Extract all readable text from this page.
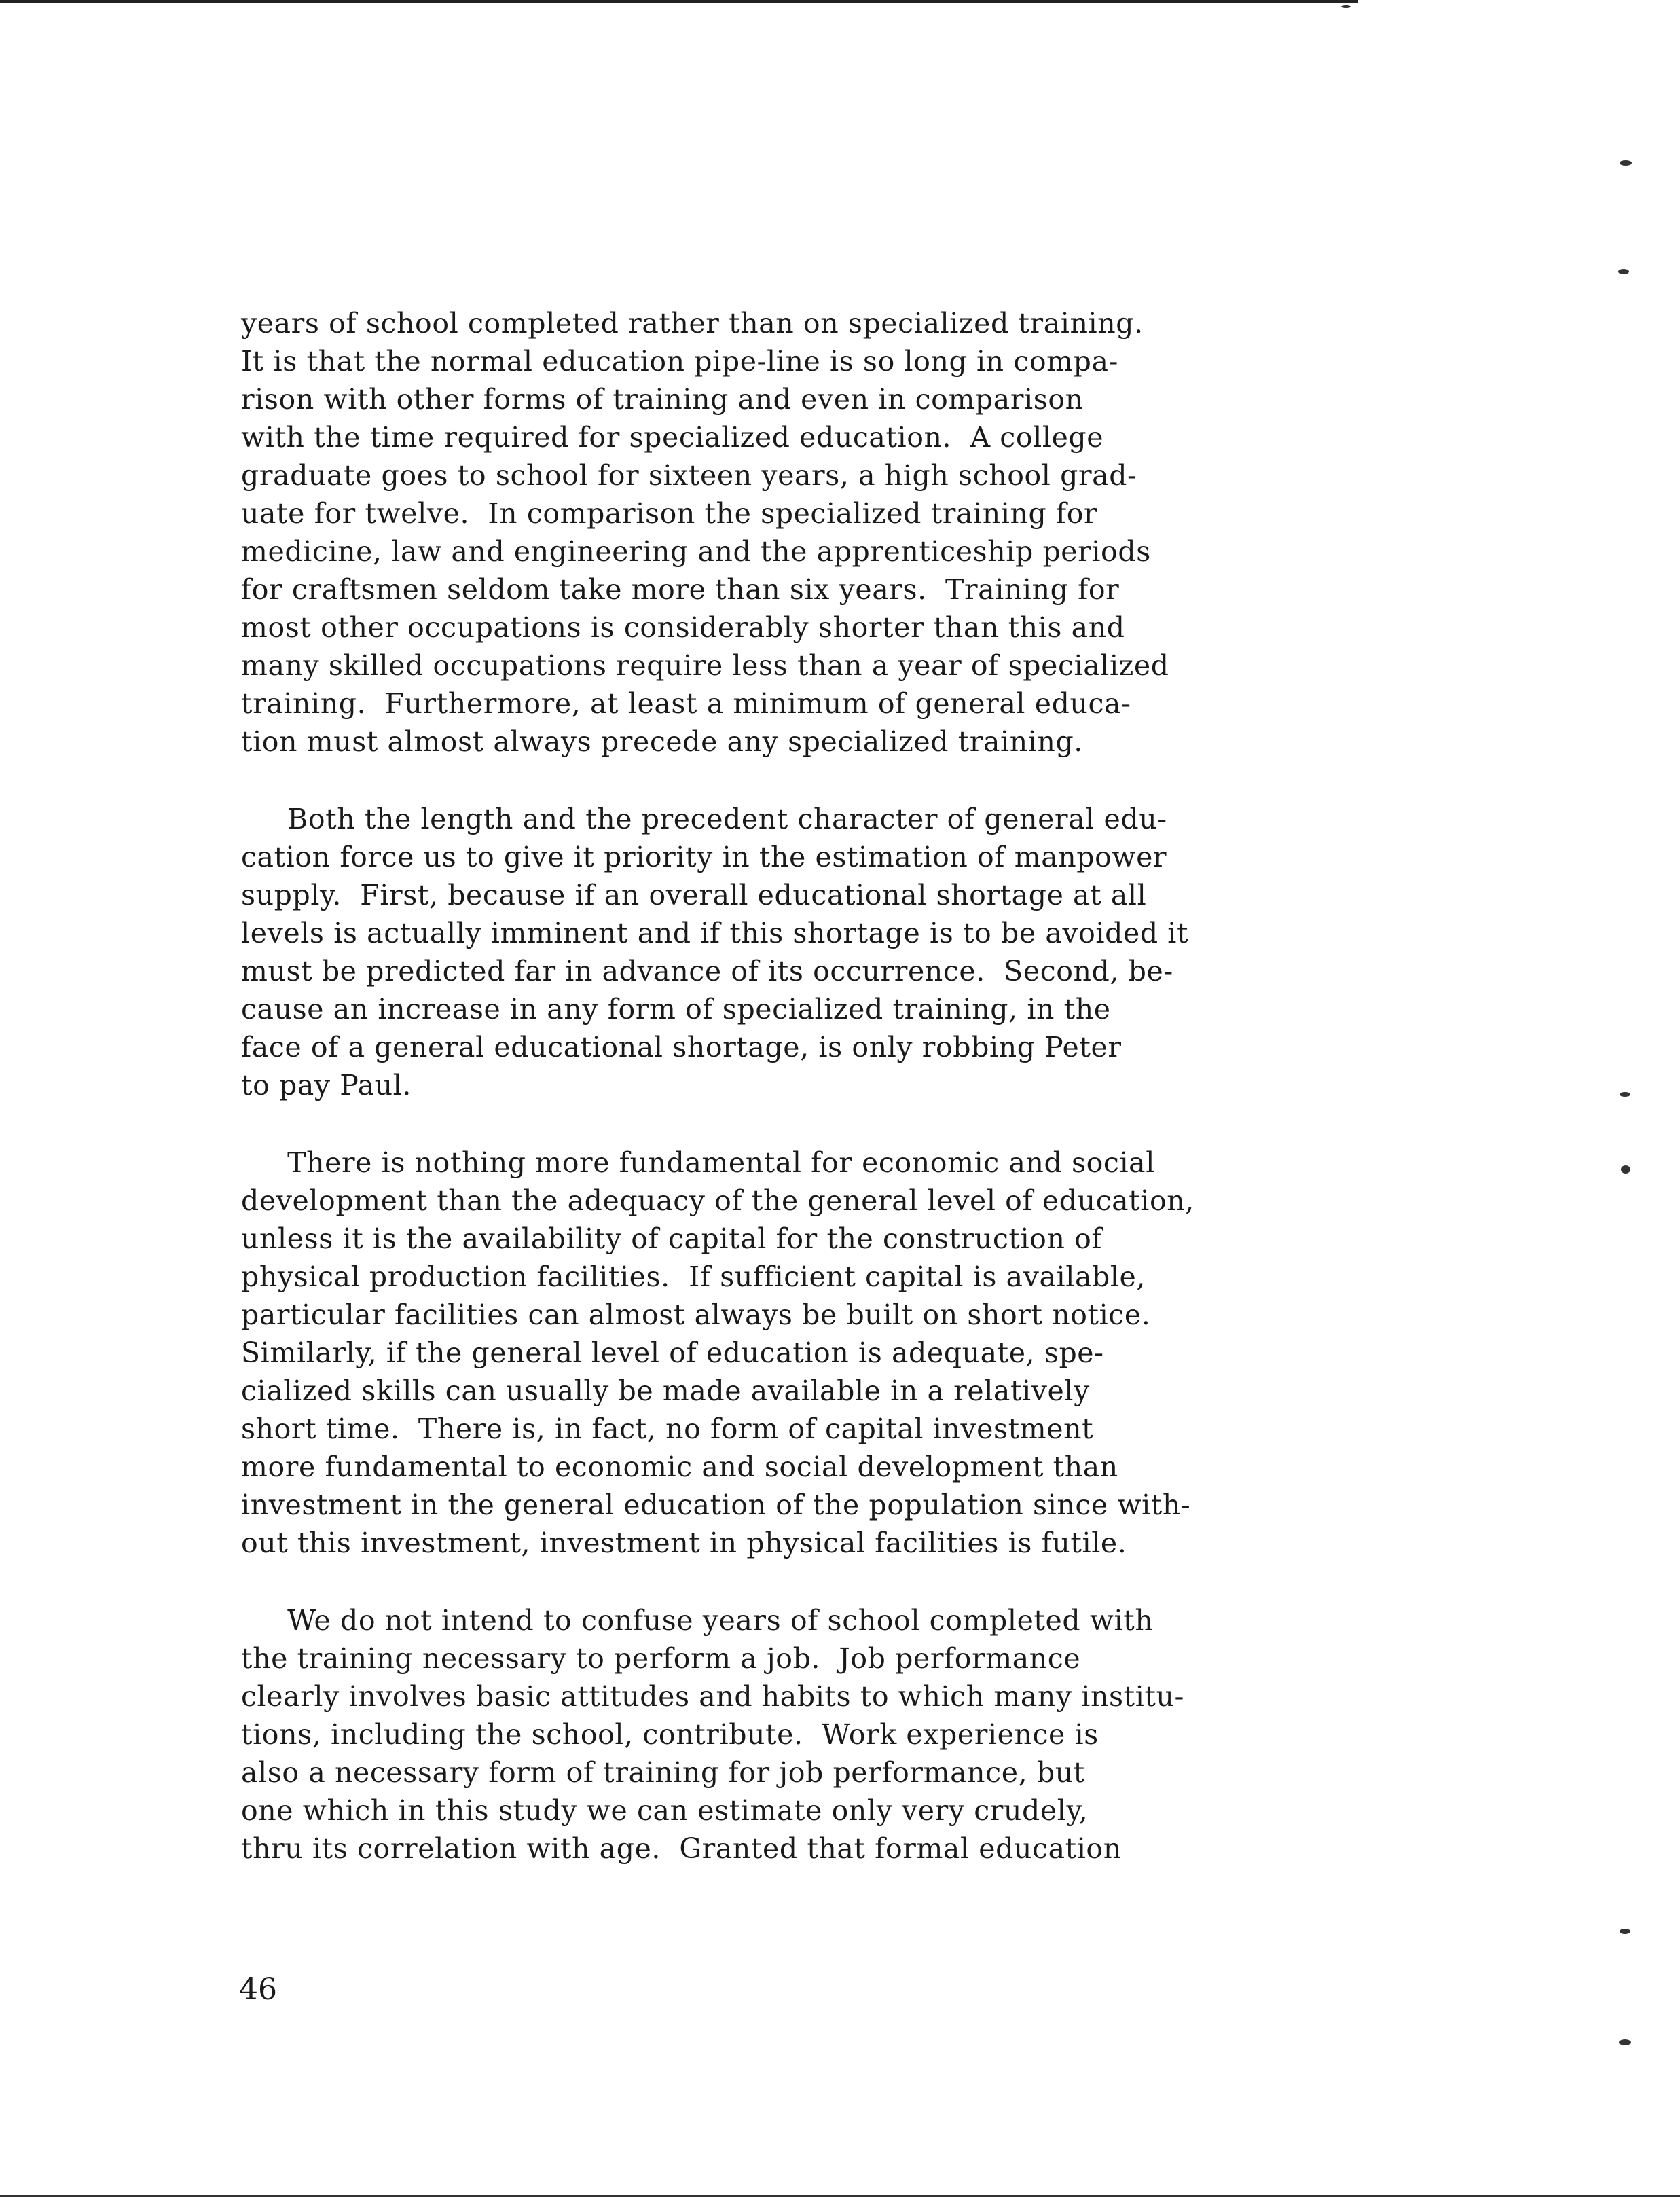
years of school completed rather than on specialized training.
It is that the normal education pipe-line is so long in compa-
rison with other forms of training and even in comparison
with the time required for specialized education.  A college
graduate goes to school for sixteen years, a high school grad-
uate for twelve.  In comparison the specialized training for
medicine, law and engineering and the apprenticeship periods
for craftsmen seldom take more than six years.  Training for
most other occupations is considerably shorter than this and
many skilled occupations require less than a year of specialized
training.  Furthermore, at least a minimum of general educa-
tion must almost always precede any specialized training.
Both the length and the precedent character of general edu-
cation force us to give it priority in the estimation of manpower
supply.  First, because if an overall educational shortage at all
levels is actually imminent and if this shortage is to be avoided it
must be predicted far in advance of its occurrence.  Second, be-
cause an increase in any form of specialized training, in the
face of a general educational shortage, is only robbing Peter
to pay Paul.
There is nothing more fundamental for economic and social
development than the adequacy of the general level of education,
unless it is the availability of capital for the construction of
physical production facilities.  If sufficient capital is available,
particular facilities can almost always be built on short notice.
Similarly, if the general level of education is adequate, spe-
cialized skills can usually be made available in a relatively
short time.  There is, in fact, no form of capital investment
more fundamental to economic and social development than
investment in the general education of the population since with-
out this investment, investment in physical facilities is futile.
We do not intend to confuse years of school completed with
the training necessary to perform a job.  Job performance
clearly involves basic attitudes and habits to which many institu-
tions, including the school, contribute.  Work experience is
also a necessary form of training for job performance, but
one which in this study we can estimate only very crudely,
thru its correlation with age.  Granted that formal education
46
